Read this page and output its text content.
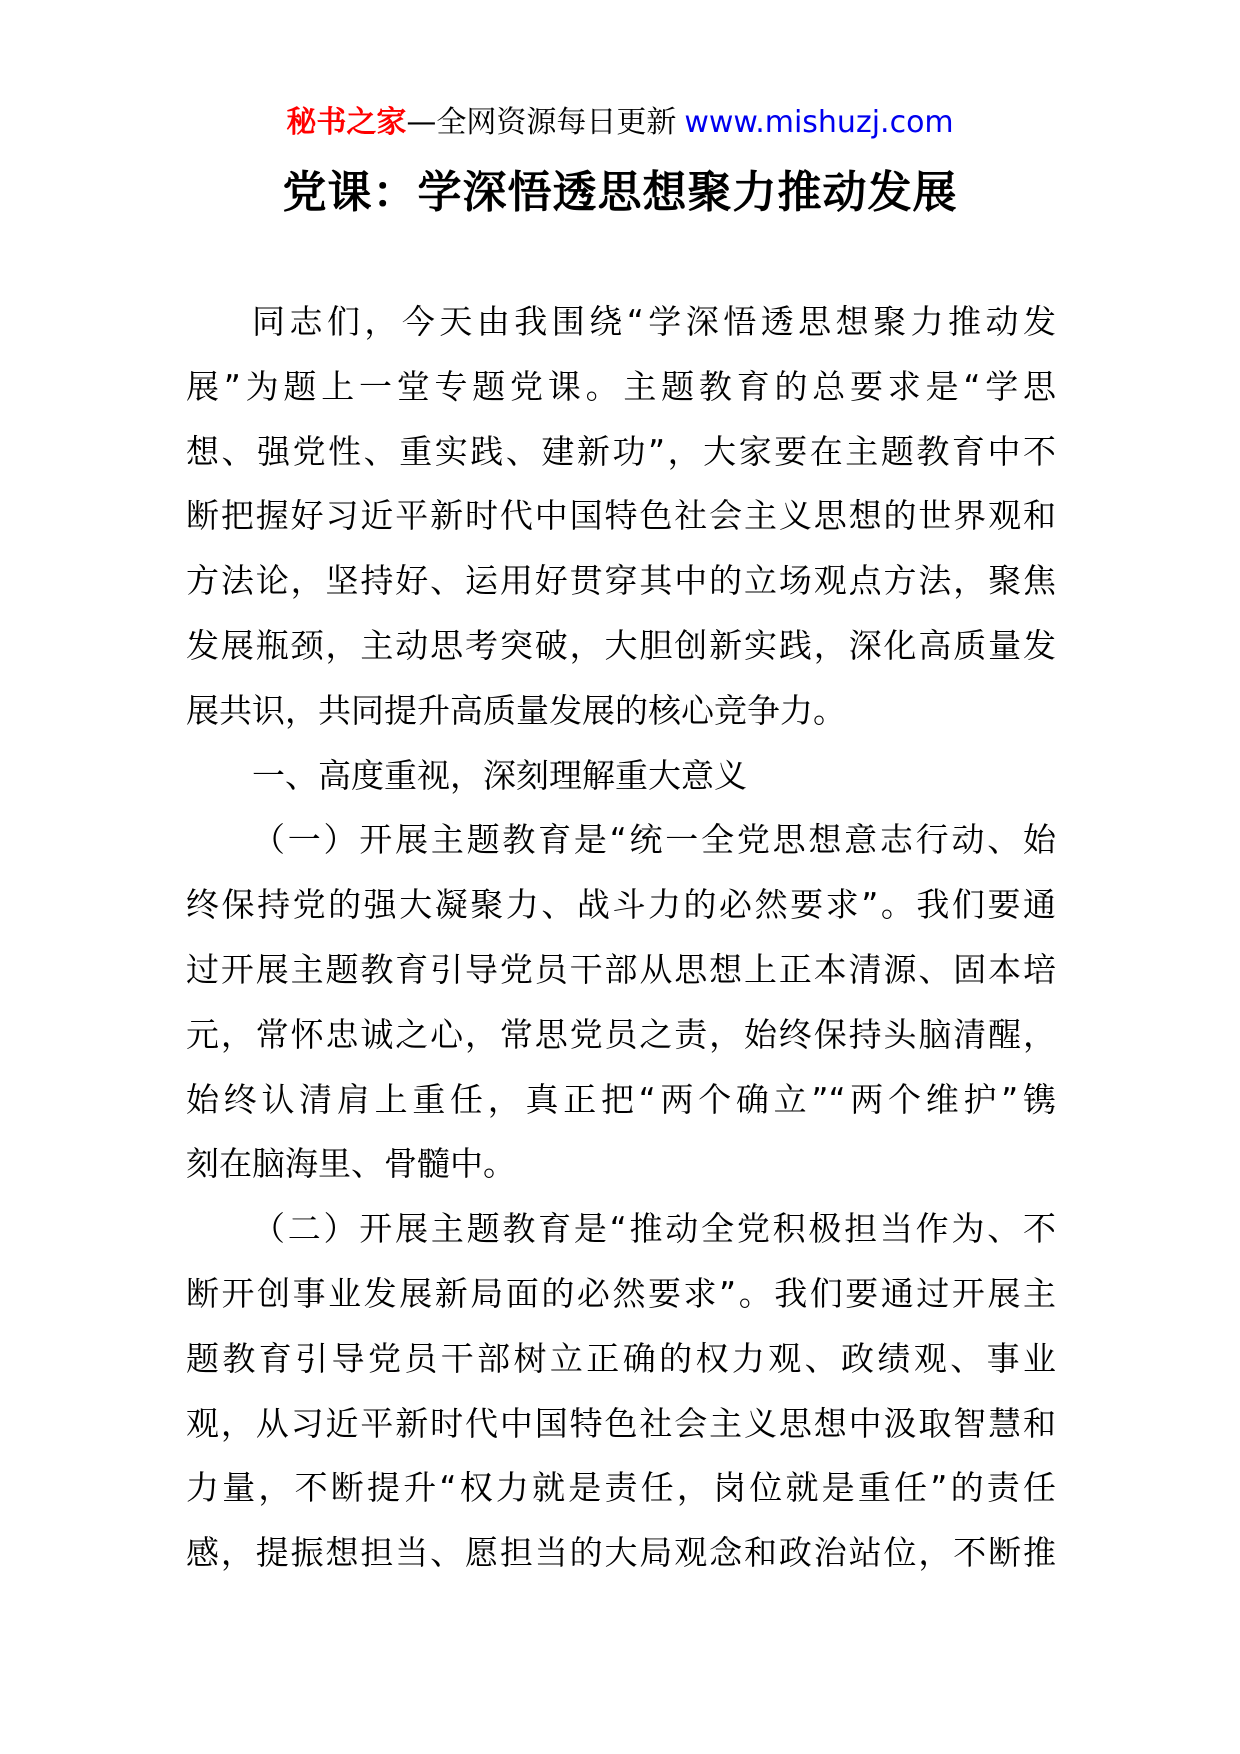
秘书之家—全网资源每日更新 www.mishuzj.com
党课：学深悟透思想聚力推动发展
同志们，今天由我围绕“学深悟透思想聚力推动发
展”为题上一堂专题党课。主题教育的总要求是“学思
想、强党性、重实践、建新功”，大家要在主题教育中不
断把握好习近平新时代中国特色社会主义思想的世界观和
方法论，坚持好、运用好贯穿其中的立场观点方法，聚焦
发展瓶颈，主动思考突破，大胆创新实践，深化高质量发
展共识，共同提升高质量发展的核心竞争力。
一、高度重视，深刻理解重大意义
（一）开展主题教育是“统一全党思想意志行动、始
终保持党的强大凝聚力、战斗力的必然要求”。我们要通
过开展主题教育引导党员干部从思想上正本清源、固本培
元，常怀忠诚之心，常思党员之责，始终保持头脑清醒，
始终认清肩上重任，真正把“两个确立”“两个维护”镌
刻在脑海里、骨髓中。
（二）开展主题教育是“推动全党积极担当作为、不
断开创事业发展新局面的必然要求”。我们要通过开展主
题教育引导党员干部树立正确的权力观、政绩观、事业
观，从习近平新时代中国特色社会主义思想中汲取智慧和
力量，不断提升“权力就是责任，岗位就是重任”的责任
感，提振想担当、愿担当的大局观念和政治站位，不断推
